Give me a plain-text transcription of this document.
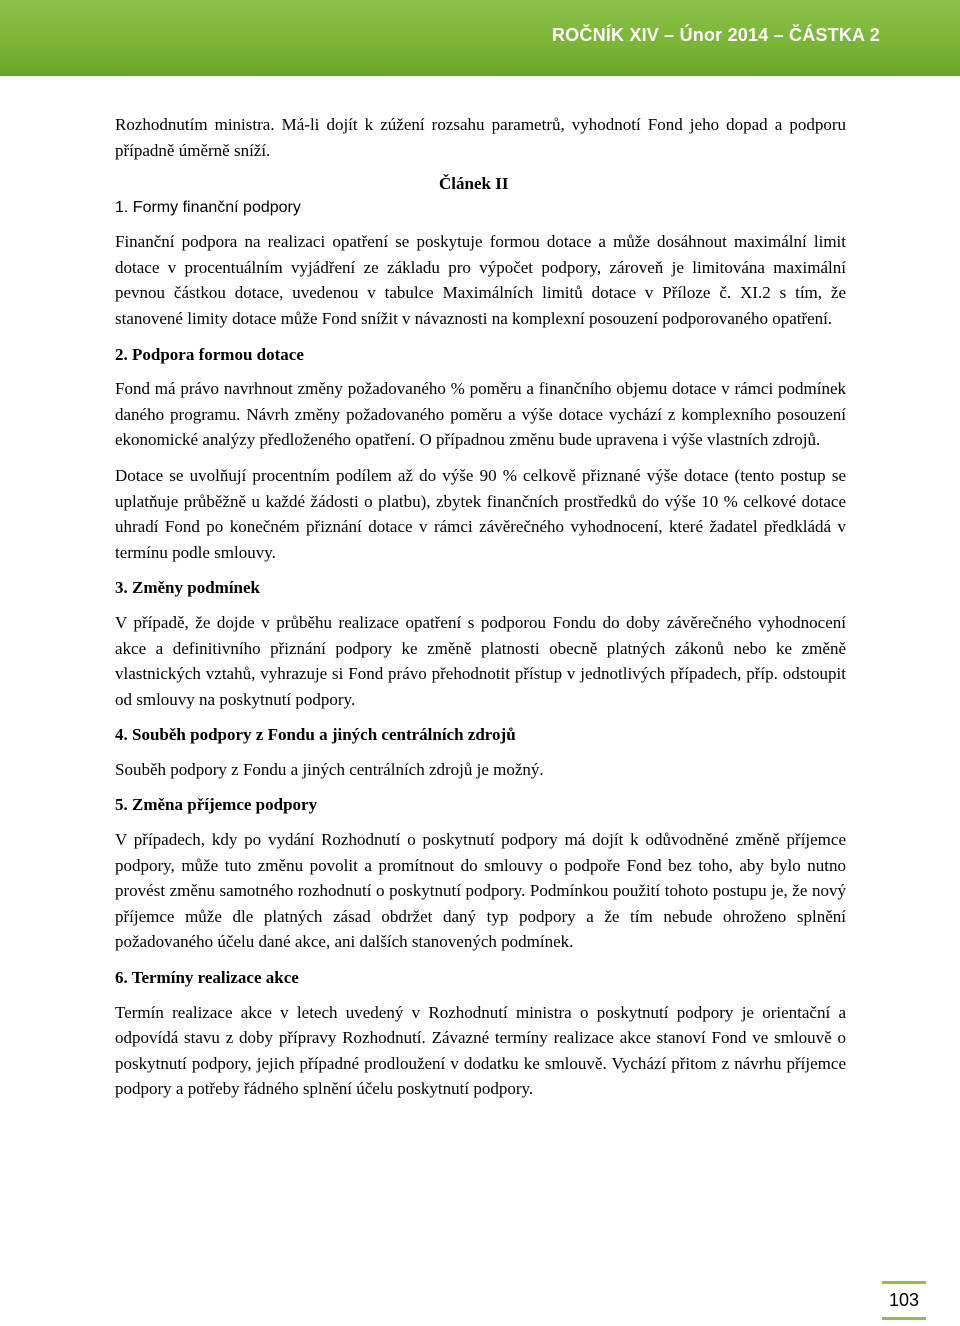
ROČNÍK XIV – Únor 2014 – ČÁSTKA 2

Rozhodnutím ministra. Má-li dojít k zúžení rozsahu parametrů, vyhodnotí Fond jeho dopad a podporu případně úměrně sníží.

Článek II

1. Formy finanční podpory

Finanční podpora na realizaci opatření se poskytuje formou dotace a může dosáhnout maximální limit dotace v procentuálním vyjádření ze základu pro výpočet podpory, zároveň je limitována maximální pevnou částkou dotace, uvedenou v tabulce Maximálních limitů dotace v Příloze č. XI.2 s tím, že stanovené limity dotace může Fond snížit v návaznosti na komplexní posouzení podporovaného opatření.

2. Podpora formou dotace

Fond má právo navrhnout změny požadovaného % poměru a finančního objemu dotace v rámci podmínek daného programu. Návrh změny požadovaného poměru a výše dotace vychází z komplexního posouzení ekonomické analýzy předloženého opatření. O případnou změnu bude upravena i výše vlastních zdrojů.

Dotace se uvolňují procentním podílem až do výše 90 % celkově přiznané výše dotace (tento postup se uplatňuje průběžně u každé žádosti o platbu), zbytek finančních prostředků do výše 10 % celkové dotace uhradí Fond po konečném přiznání dotace v rámci závěrečného vyhodnocení, které žadatel předkládá v termínu podle smlouvy.

3. Změny podmínek

V případě, že dojde v průběhu realizace opatření s podporou Fondu do doby závěrečného vyhodnocení akce a definitivního přiznání podpory ke změně platnosti obecně platných zákonů nebo ke změně vlastnických vztahů, vyhrazuje si Fond právo přehodnotit přístup v jednotlivých případech, příp. odstoupit od smlouvy na poskytnutí podpory.

4. Souběh podpory z Fondu a jiných centrálních zdrojů

Souběh podpory z Fondu a jiných centrálních zdrojů je možný.

5. Změna příjemce podpory

V případech, kdy po vydání Rozhodnutí o poskytnutí podpory má dojít k odůvodněné změně příjemce podpory, může tuto změnu povolit a promítnout do smlouvy o podpoře Fond bez toho, aby bylo nutno provést změnu samotného rozhodnutí o poskytnutí podpory. Podmínkou použití tohoto postupu je, že nový příjemce může dle platných zásad obdržet daný typ podpory a že tím nebude ohroženo splnění požadovaného účelu dané akce, ani dalších stanovených podmínek.

6. Termíny realizace akce

Termín realizace akce v letech uvedený v Rozhodnutí ministra o poskytnutí podpory je orientační a odpovídá stavu z doby přípravy Rozhodnutí. Závazné termíny realizace akce stanoví Fond ve smlouvě o poskytnutí podpory, jejich případné prodloužení v dodatku ke smlouvě. Vychází přitom z návrhu příjemce podpory a potřeby řádného splnění účelu poskytnutí podpory.

103
